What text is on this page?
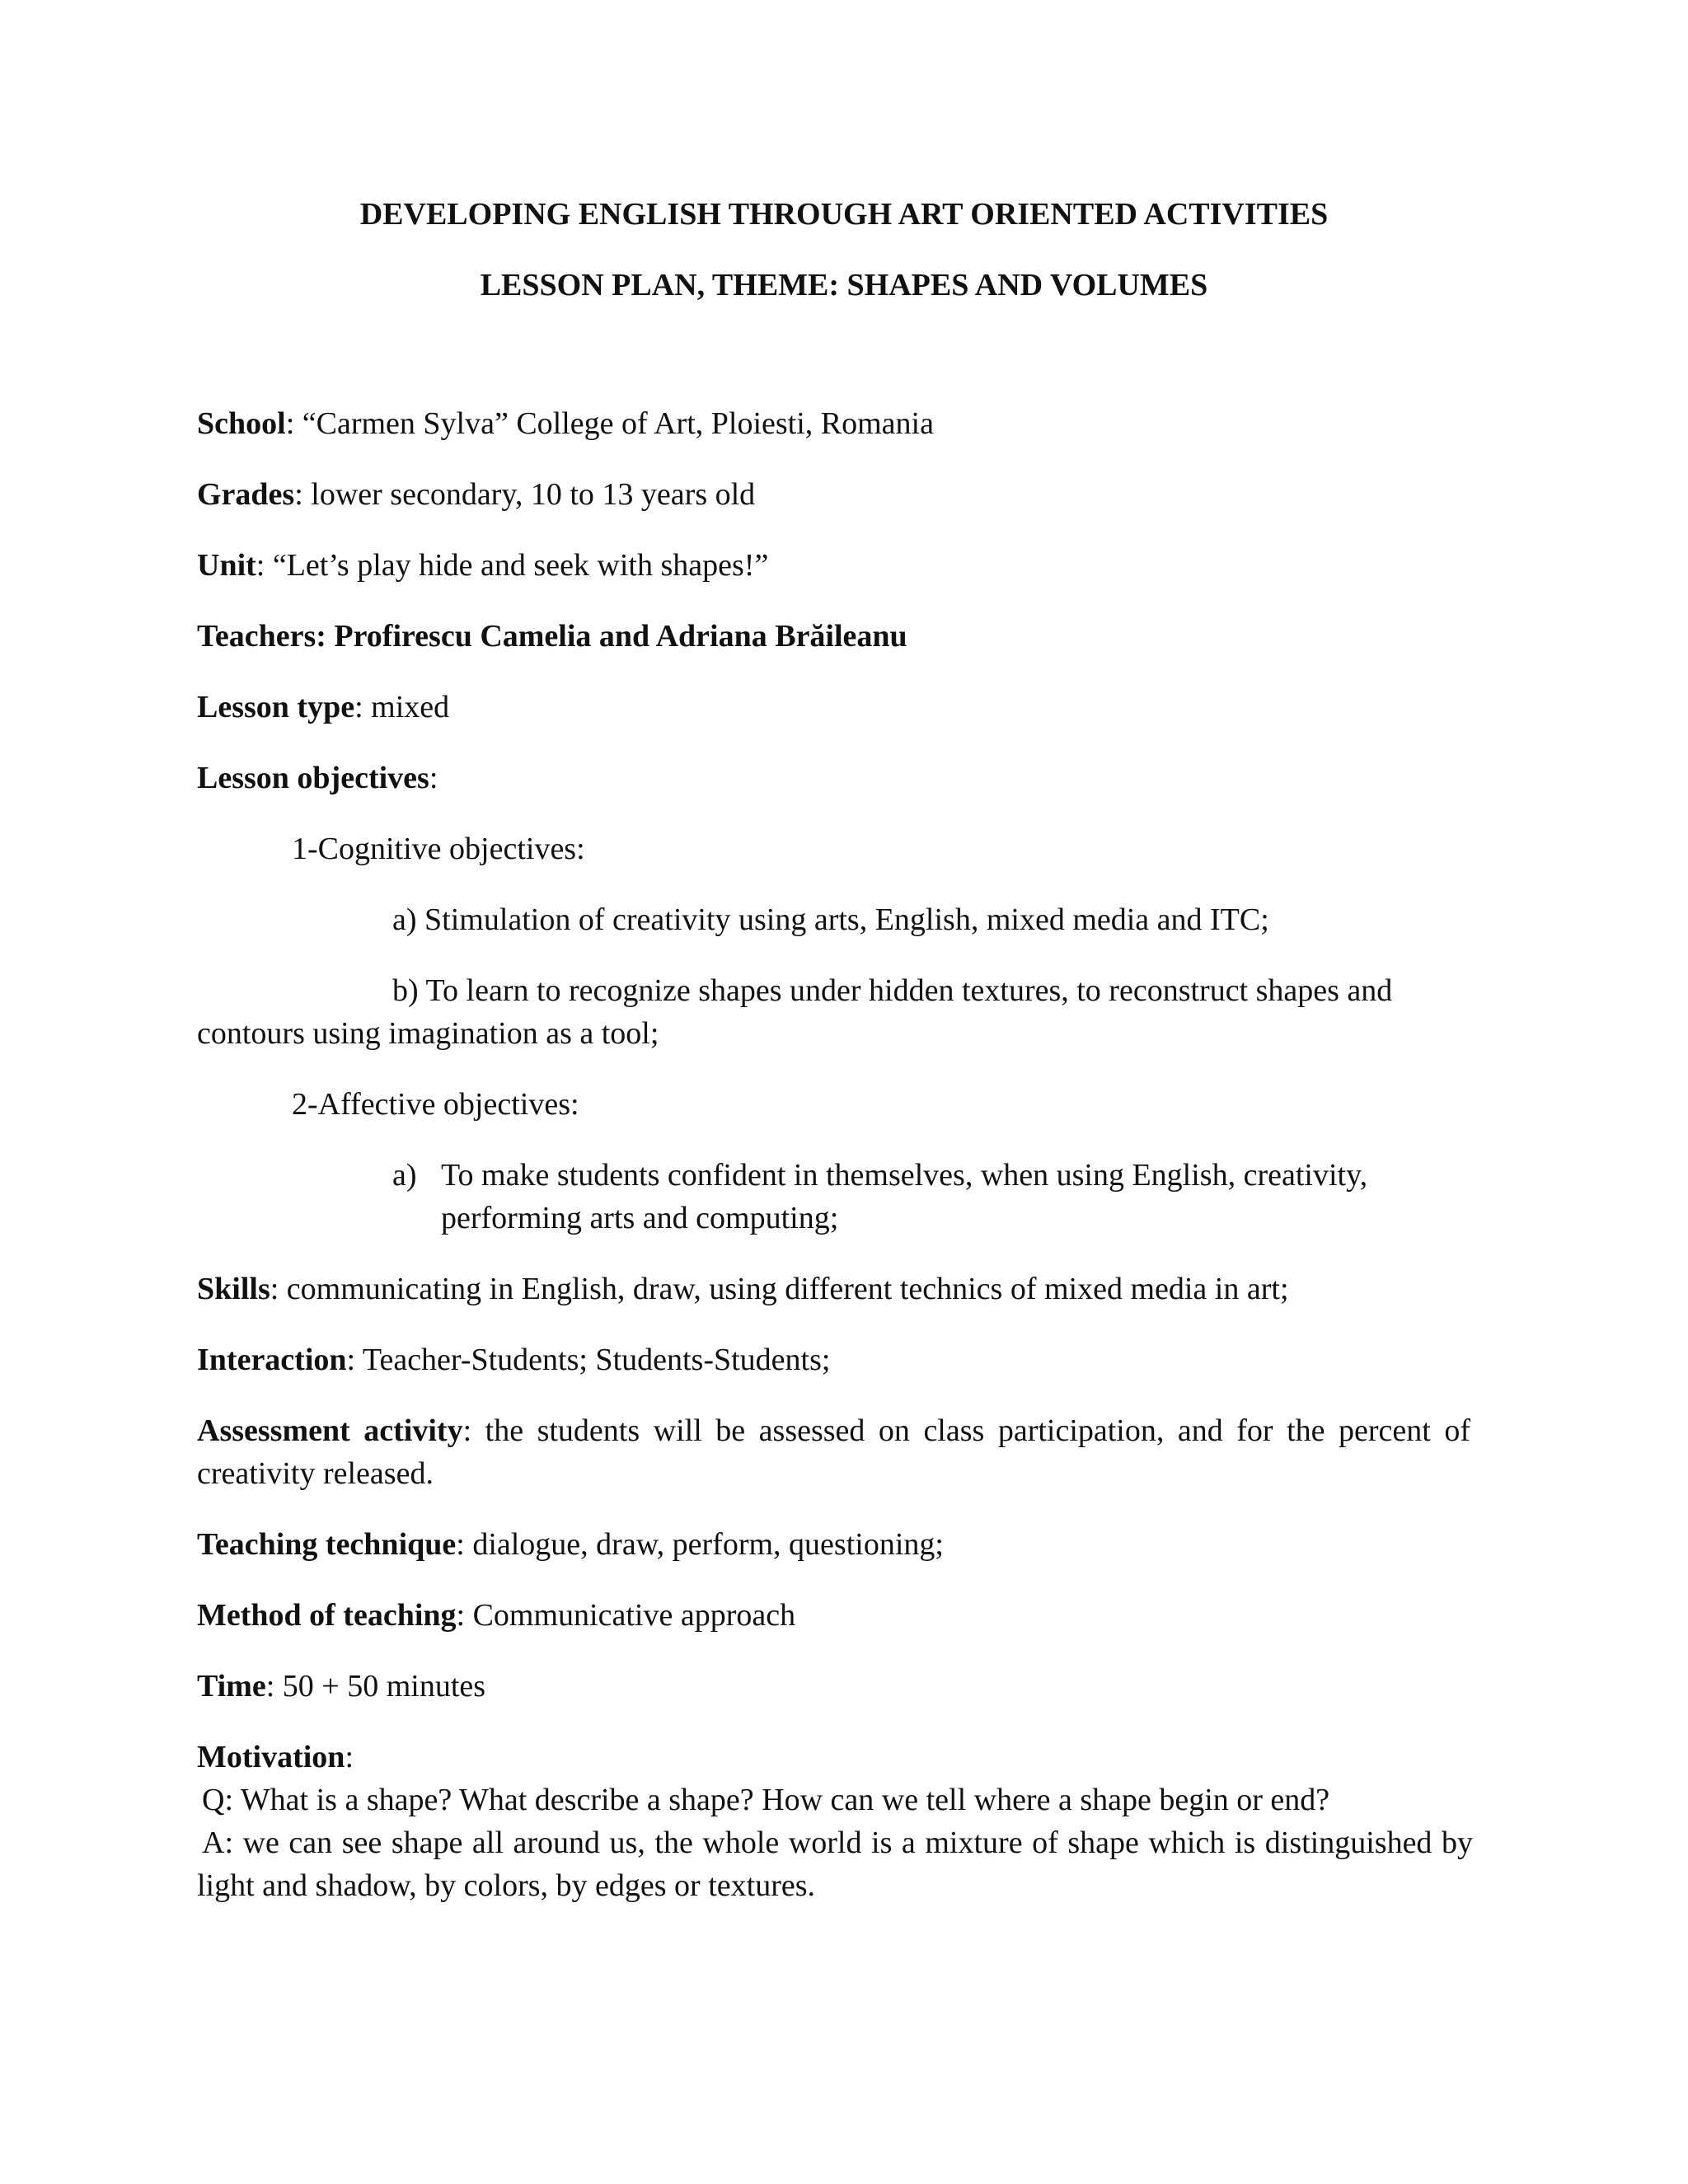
DEVELOPING ENGLISH THROUGH ART ORIENTED ACTIVITIES
LESSON PLAN, THEME: SHAPES AND VOLUMES
School: “Carmen Sylva” College of Art, Ploiesti, Romania
Grades: lower secondary, 10 to 13 years old
Unit: “Let’s play hide and seek with shapes!”
Teachers: Profirescu Camelia and Adriana Brăileanu
Lesson type: mixed
Lesson objectives:
1-Cognitive objectives:
a) Stimulation of creativity using arts, English, mixed media and ITC;
b) To learn to recognize shapes under hidden textures, to reconstruct shapes and
contours using imagination as a tool;
2-Affective objectives:
a) To make students confident in themselves, when using English, creativity,
performing arts and computing;
Skills: communicating in English, draw, using different technics of mixed media in art;
Interaction: Teacher-Students; Students-Students;
Assessment activity: the students will be assessed on class participation, and for the percent of creativity released.
Teaching technique: dialogue, draw, perform, questioning;
Method of teaching: Communicative approach
Time: 50 + 50 minutes
Motivation:
Q: What is a shape? What describe a shape? How can we tell where a shape begin or end?
A: we can see shape all around us, the whole world is a mixture of shape which is distinguished by light and shadow, by colors, by edges or textures.
